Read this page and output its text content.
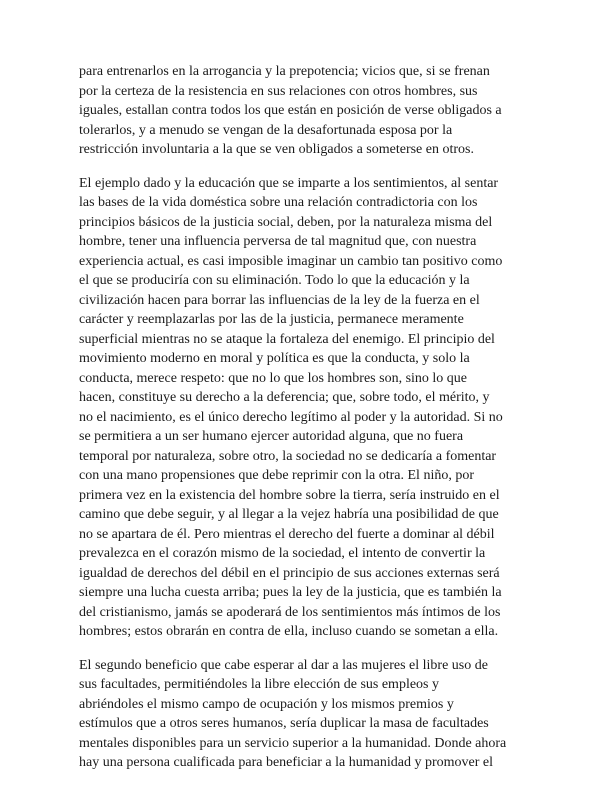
para entrenarlos en la arrogancia y la prepotencia; vicios que, si se frenan
por la certeza de la resistencia en sus relaciones con otros hombres, sus
iguales, estallan contra todos los que están en posición de verse obligados a
tolerarlos, y a menudo se vengan de la desafortunada esposa por la
restricción involuntaria a la que se ven obligados a someterse en otros.

El ejemplo dado y la educación que se imparte a los sentimientos, al sentar
las bases de la vida doméstica sobre una relación contradictoria con los
principios básicos de la justicia social, deben, por la naturaleza misma del
hombre, tener una influencia perversa de tal magnitud que, con nuestra
experiencia actual, es casi imposible imaginar un cambio tan positivo como
el que se produciría con su eliminación. Todo lo que la educación y la
civilización hacen para borrar las influencias de la ley de la fuerza en el
carácter y reemplazarlas por las de la justicia, permanece meramente
superficial mientras no se ataque la fortaleza del enemigo. El principio del
movimiento moderno en moral y política es que la conducta, y solo la
conducta, merece respeto: que no lo que los hombres son, sino lo que
hacen, constituye su derecho a la deferencia; que, sobre todo, el mérito, y
no el nacimiento, es el único derecho legítimo al poder y la autoridad. Si no
se permitiera a un ser humano ejercer autoridad alguna, que no fuera
temporal por naturaleza, sobre otro, la sociedad no se dedicaría a fomentar
con una mano propensiones que debe reprimir con la otra. El niño, por
primera vez en la existencia del hombre sobre la tierra, sería instruido en el
camino que debe seguir, y al llegar a la vejez habría una posibilidad de que
no se apartara de él. Pero mientras el derecho del fuerte a dominar al débil
prevalezca en el corazón mismo de la sociedad, el intento de convertir la
igualdad de derechos del débil en el principio de sus acciones externas será
siempre una lucha cuesta arriba; pues la ley de la justicia, que es también la
del cristianismo, jamás se apoderará de los sentimientos más íntimos de los
hombres; estos obrarán en contra de ella, incluso cuando se sometan a ella.

El segundo beneficio que cabe esperar al dar a las mujeres el libre uso de
sus facultades, permitiéndoles la libre elección de sus empleos y
abriéndoles el mismo campo de ocupación y los mismos premios y
estímulos que a otros seres humanos, sería duplicar la masa de facultades
mentales disponibles para un servicio superior a la humanidad. Donde ahora
hay una persona cualificada para beneficiar a la humanidad y promover el
